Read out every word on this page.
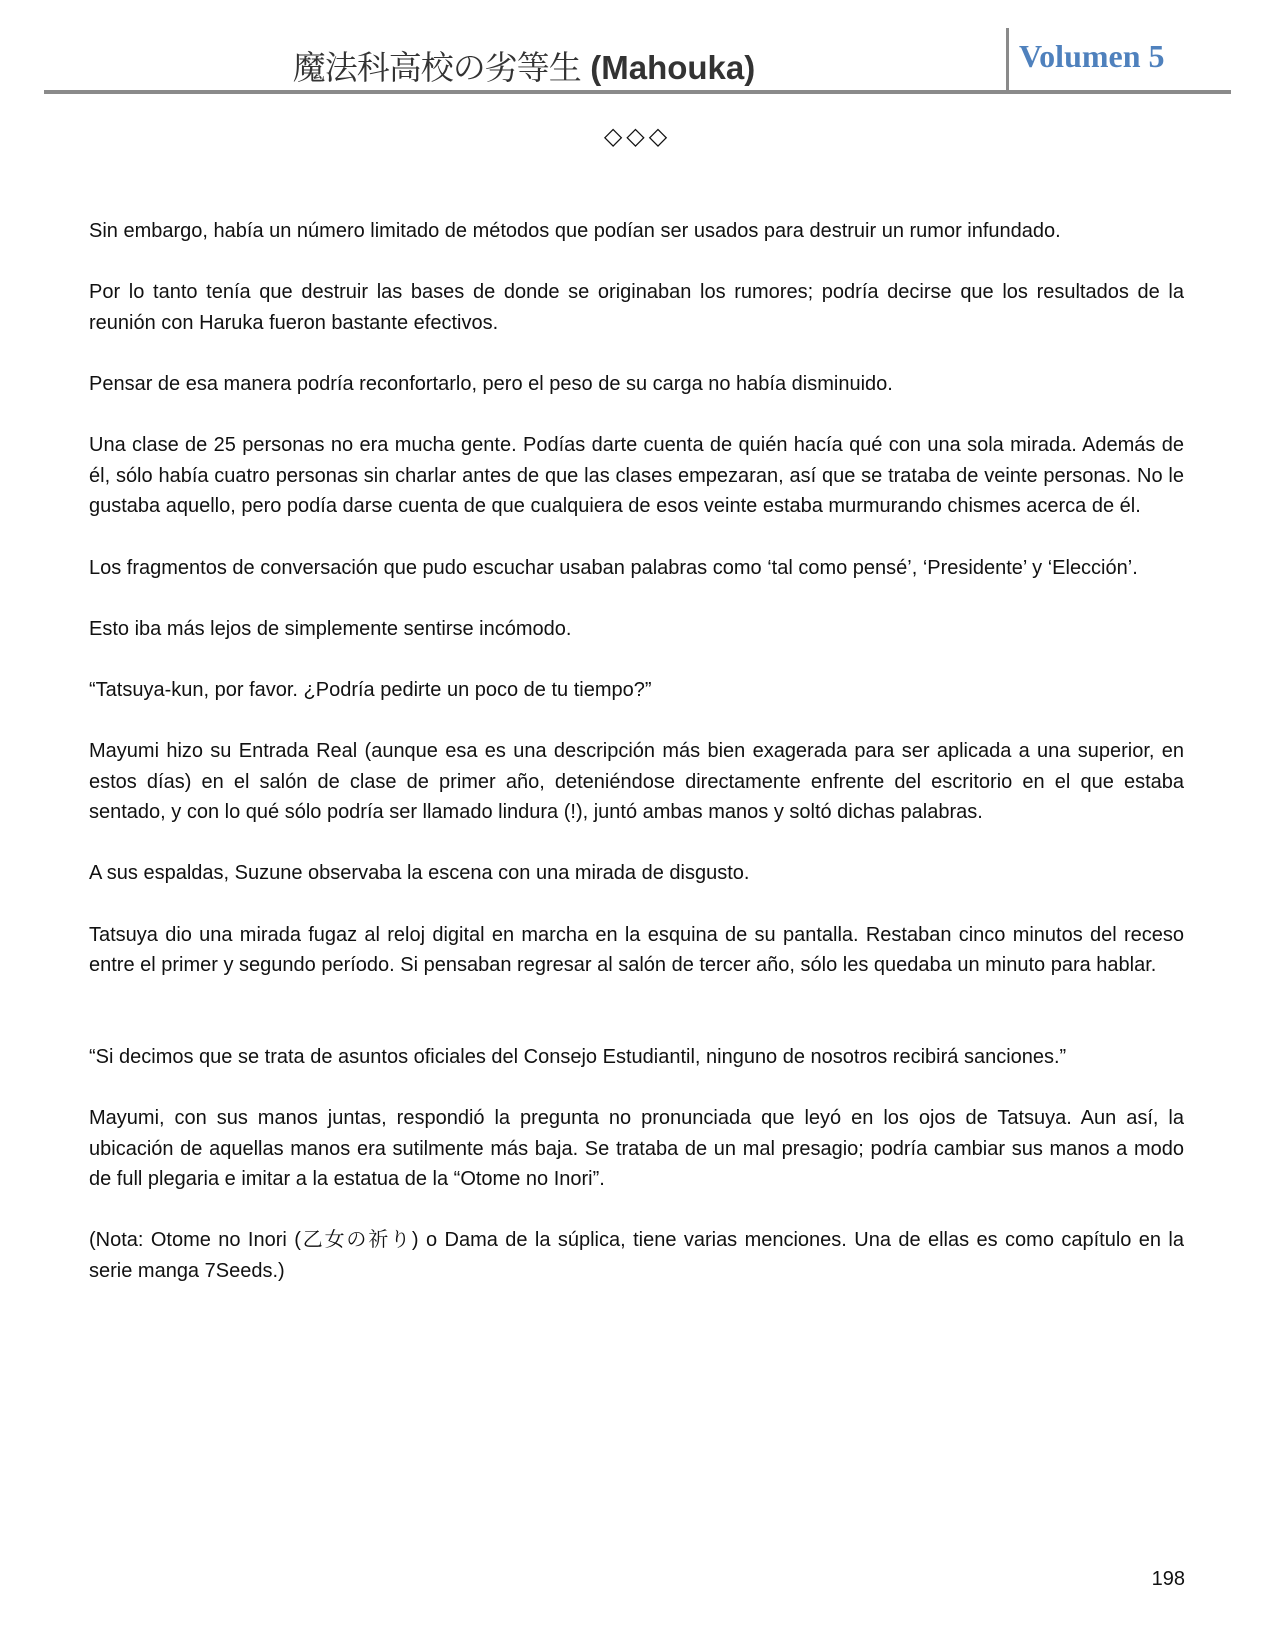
魔法科高校の劣等生 (Mahouka)	Volumen 5
◇◇◇

Sin embargo, había un número limitado de métodos que podían ser usados para destruir un rumor infundado.

Por lo tanto tenía que destruir las bases de donde se originaban los rumores; podría decirse que los resultados de la reunión con Haruka fueron bastante efectivos.

Pensar de esa manera podría reconfortarlo, pero el peso de su carga no había disminuido.

Una clase de 25 personas no era mucha gente. Podías darte cuenta de quién hacía qué con una sola mirada. Además de él, sólo había cuatro personas sin charlar antes de que las clases empezaran, así que se trataba de veinte personas. No le gustaba aquello, pero podía darse cuenta de que cualquiera de esos veinte estaba murmurando chismes acerca de él.

Los fragmentos de conversación que pudo escuchar usaban palabras como ‘tal como pensé’, ‘Presidente’ y ‘Elección’.

Esto iba más lejos de simplemente sentirse incómodo.

“Tatsuya-kun, por favor. ¿Podría pedirte un poco de tu tiempo?”

Mayumi hizo su Entrada Real (aunque esa es una descripción más bien exagerada para ser aplicada a una superior, en estos días) en el salón de clase de primer año, deteniéndose directamente enfrente del escritorio en el que estaba sentado, y con lo qué sólo podría ser llamado lindura (!), juntó ambas manos y soltó dichas palabras.

A sus espaldas, Suzune observaba la escena con una mirada de disgusto.

Tatsuya dio una mirada fugaz al reloj digital en marcha en la esquina de su pantalla. Restaban cinco minutos del receso entre el primer y segundo período. Si pensaban regresar al salón de tercer año, sólo les quedaba un minuto para hablar.

“Si decimos que se trata de asuntos oficiales del Consejo Estudiantil, ninguno de nosotros recibirá sanciones.”

Mayumi, con sus manos juntas, respondió la pregunta no pronunciada que leyó en los ojos de Tatsuya. Aun así, la ubicación de aquellas manos era sutilmente más baja. Se trataba de un mal presagio; podría cambiar sus manos a modo de full plegaria e imitar a la estatua de la “Otome no Inori”.

(Nota: Otome no Inori (乙女の祈り) o Dama de la súplica, tiene varias menciones. Una de ellas es como capítulo en la serie manga 7Seeds.)

198
